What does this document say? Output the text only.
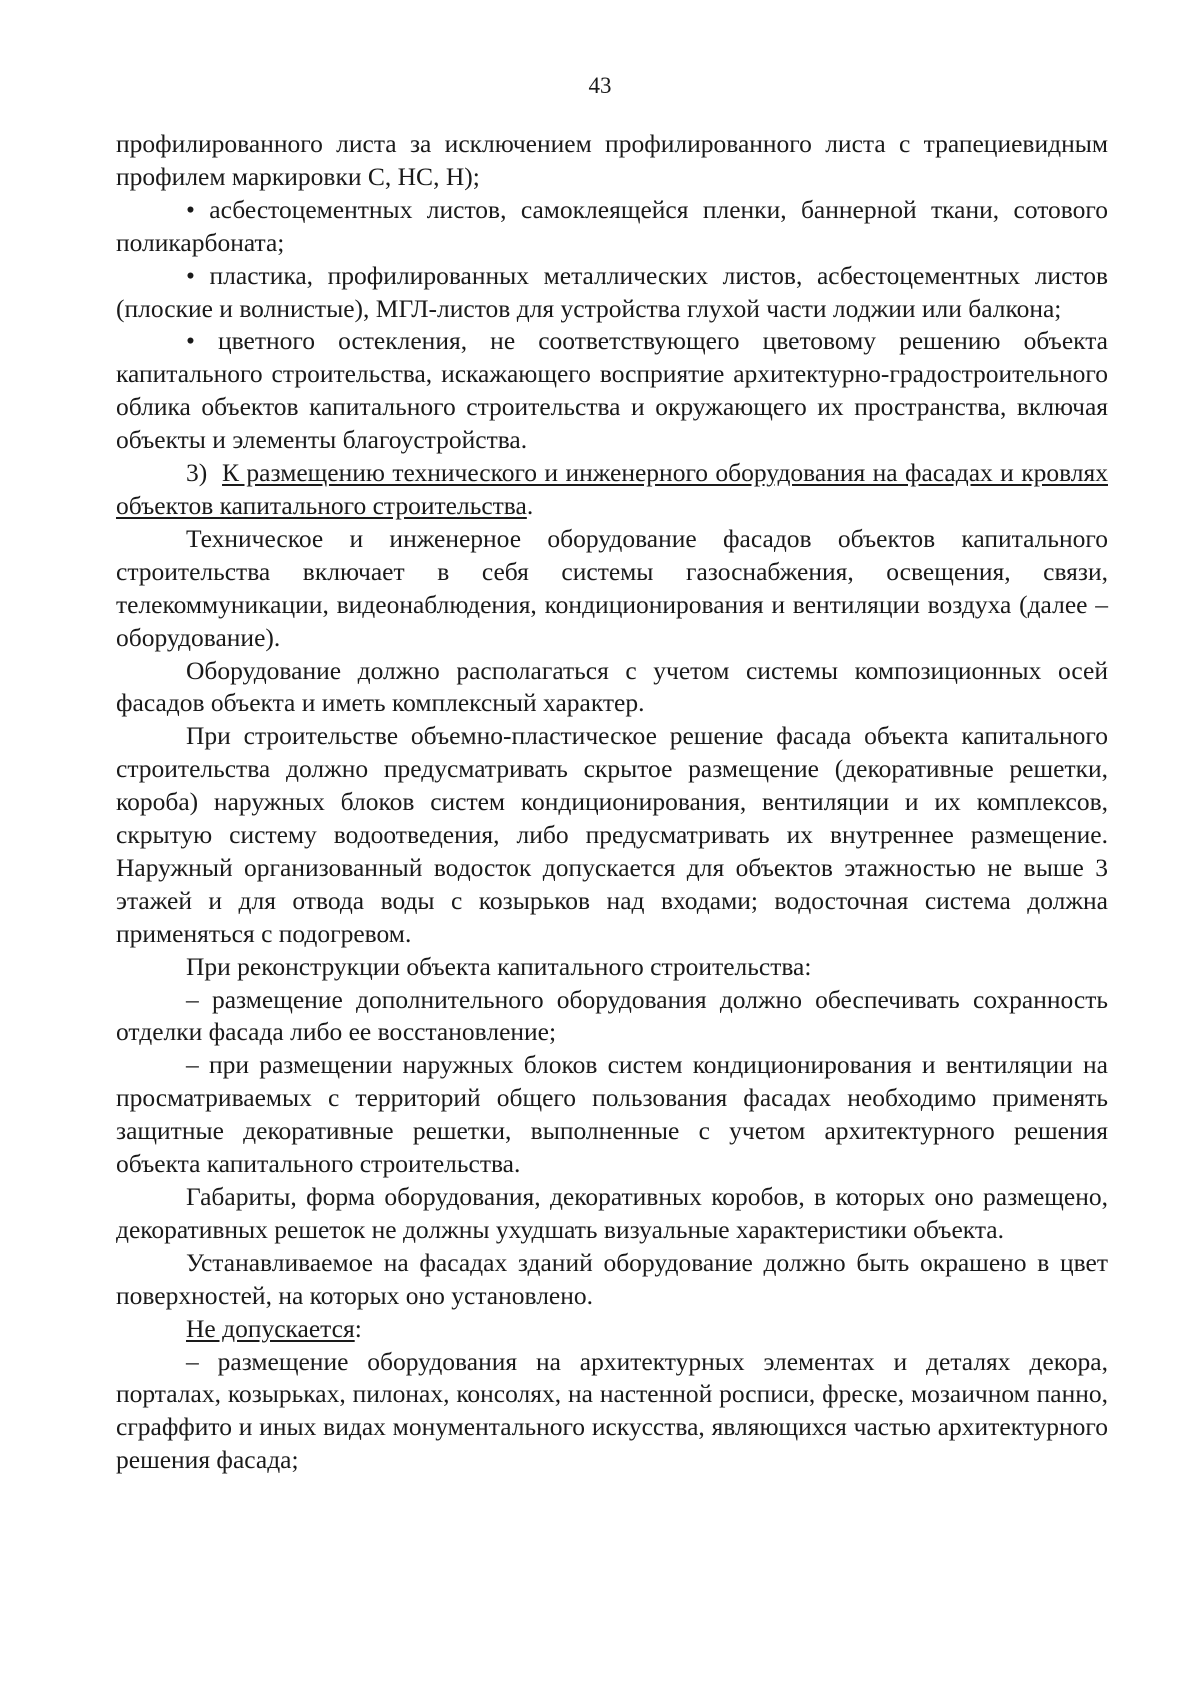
43

профилированного листа за исключением профилированного листа с трапециевидным профилем маркировки С, НС, Н);

• асбестоцементных листов, самоклеящейся пленки, баннерной ткани, сотового поликарбоната;

• пластика, профилированных металлических листов, асбестоцементных листов (плоские и волнистые), МГЛ-листов для устройства глухой части лоджии или балкона;

• цветного остекления, не соответствующего цветовому решению объекта капитального строительства, искажающего восприятие архитектурно-градостроительного облика объектов капитального строительства и окружающего их пространства, включая объекты и элементы благоустройства.

3) К размещению технического и инженерного оборудования на фасадах и кровлях объектов капитального строительства.

Техническое и инженерное оборудование фасадов объектов капитального строительства включает в себя системы газоснабжения, освещения, связи, телекоммуникации, видеонаблюдения, кондиционирования и вентиляции воздуха (далее – оборудование).

Оборудование должно располагаться с учетом системы композиционных осей фасадов объекта и иметь комплексный характер.

При строительстве объемно-пластическое решение фасада объекта капитального строительства должно предусматривать скрытое размещение (декоративные решетки, короба) наружных блоков систем кондиционирования, вентиляции и их комплексов, скрытую систему водоотведения, либо предусматривать их внутреннее размещение. Наружный организованный водосток допускается для объектов этажностью не выше 3 этажей и для отвода воды с козырьков над входами; водосточная система должна применяться с подогревом.

При реконструкции объекта капитального строительства:

– размещение дополнительного оборудования должно обеспечивать сохранность отделки фасада либо ее восстановление;

– при размещении наружных блоков систем кондиционирования и вентиляции на просматриваемых с территорий общего пользования фасадах необходимо применять защитные декоративные решетки, выполненные с учетом архитектурного решения объекта капитального строительства.

Габариты, форма оборудования, декоративных коробов, в которых оно размещено, декоративных решеток не должны ухудшать визуальные характеристики объекта.

Устанавливаемое на фасадах зданий оборудование должно быть окрашено в цвет поверхностей, на которых оно установлено.

Не допускается:

– размещение оборудования на архитектурных элементах и деталях декора, порталах, козырьках, пилонах, консолях, на настенной росписи, фреске, мозаичном панно, сграффито и иных видах монументального искусства, являющихся частью архитектурного решения фасада;
